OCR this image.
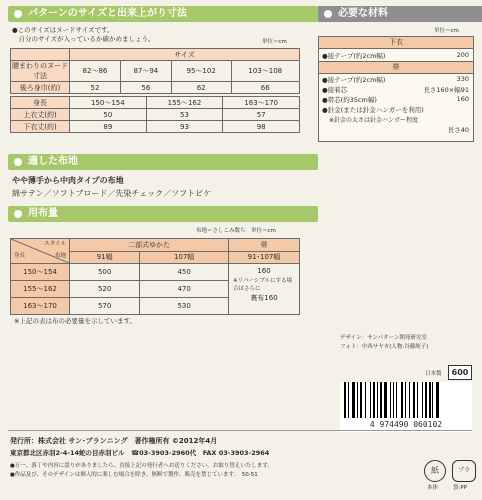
パターンのサイズと出来上がり寸法
●このサイズはヌードサイズです。
　自分のサイズが入っているか確かめましょう。	単位＝cm
	サイズ			
腰まわりのヌード寸法	82〜86	87〜94	95〜102	103〜108
後ろ身巾(約)	52	56	62	66
身長	150〜154	155〜162	163〜170
上衣丈(約)	50	53	57
下衣丈(約)	89	93	98
適した布地
やや薄手から中肉タイプの布地
綿サテン／ソフトブロード／先染チェック／ソフトピケ
用布量
布地＝さしこみ数ち　単位＝cm
スタイル
布地
身長	二部式ゆかた		帯
	91幅	107幅	91･107幅
150〜154	500	450	160
※リバーシブルにする場合はさらに
裏布160

155〜162	520	470	
163〜170	570	530	
※上記の表は布の必要量を示しています。
必要な材料
単位＝cm
下衣
●接テープ(約2cm幅)	200
帯
●接テープ(約2cm幅)	330
●接着芯	長さ160×幅91
●帯芯(約35cm幅)	160
●針金(または針金ハンガーを利用)
※針金の太さは針金ハンガー程度
長さ40
デザイン：サンパターン開発研究室
フォト：中西サヤカ(人物:谷藤純子)
日本製	600
4 974490 060102
発行所：株式会社 サン･プランニング　著作権所有 ©2012年4月
東京都北区赤羽2-4-14蛇の目赤羽ビル　☎03-3903-2960代　FAX 03-3903-2964
●万一、落丁や内容に誤りがありましたら、直接上記の発行者へお送りください。お取り替えいたします。
●作品及び、そのデザインは個人的に楽しむ場合を除き、無断で製作、販売を禁じています。　50-51	紙	プラ
本体	袋:PP
